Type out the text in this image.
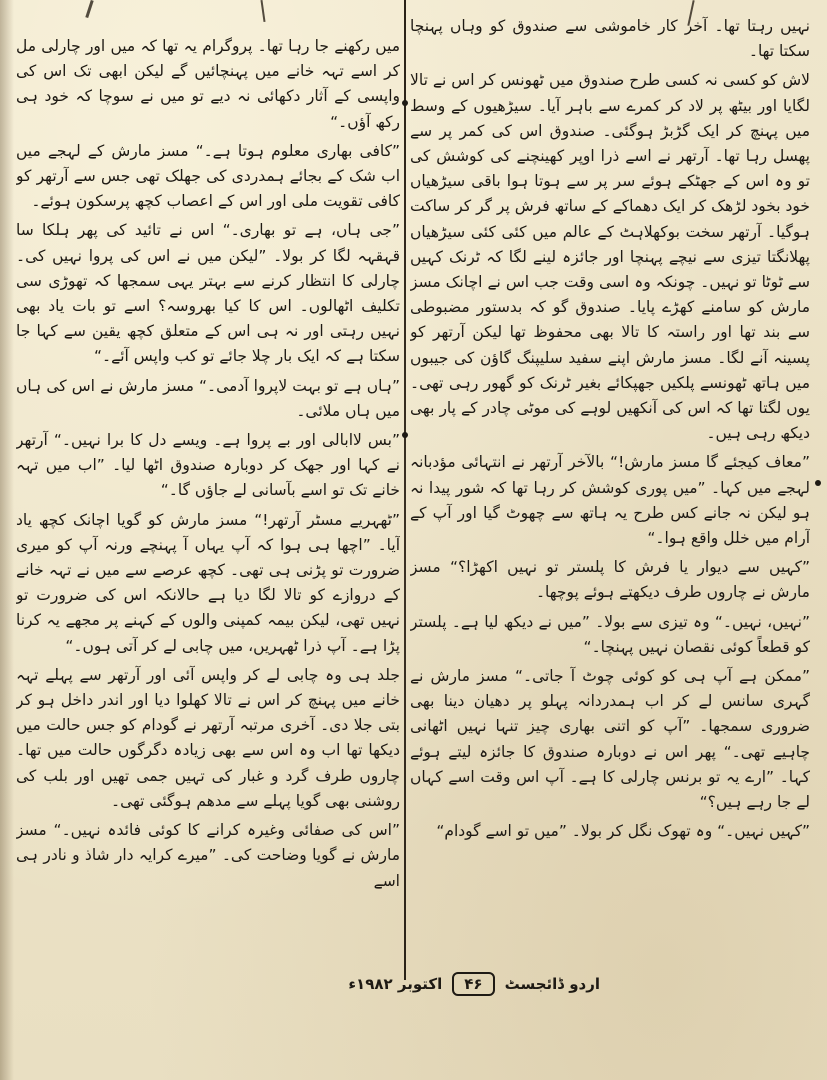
نہیں رہتا تھا۔ آخر کار خاموشی سے صندوق کو وہاں پہنچا سکتا تھا۔

لاش کو کسی نہ کسی طرح صندوق میں ٹھونس کر اس نے تالا لگایا اور بیٹھ پر لاد کر کمرے سے باہر آیا۔ سیڑھیوں کے وسط میں پہنچ کر ایک گڑبڑ ہوگئی۔ صندوق اس کی کمر پر سے پھسل رہا تھا۔ آرتھر نے اسے ذرا اوپر کھینچنے کی کوشش کی تو وہ اس کے جھٹکے ہوئے سر پر سے ہوتا ہوا باقی سیڑھیاں خود بخود لڑھک کر ایک دھماکے کے ساتھ فرش پر گر کر ساکت ہوگیا۔ آرتھر سخت بوکھلاہٹ کے عالم میں کئی کئی سیڑھیاں پھلانگتا تیزی سے نیچے پہنچا اور جائزہ لینے لگا کہ ٹرنک کہیں سے ٹوٹا تو نہیں۔ چونکہ وہ اسی وقت جب اس نے اچانک مسز مارش کو سامنے کھڑے پایا۔ صندوق گو کہ بدستور مضبوطی سے بند تھا اور راستہ کا تالا بھی محفوظ تھا لیکن آرتھر کو پسینہ آنے لگا۔ مسز مارش اپنے سفید سلیپنگ گاؤن کی جیبوں میں ہاتھ ٹھونسے پلکیں جھپکائے بغیر ٹرنک کو گھور رہی تھی۔ یوں لگتا تھا کہ اس کی آنکھیں لوہے کی موٹی چادر کے پار بھی دیکھ رہی ہیں۔

”معاف کیجئے گا مسز مارش!“ بالآخر آرتھر نے انتہائی مؤدبانہ لہجے میں کہا۔ ”میں پوری کوشش کر رہا تھا کہ شور پیدا نہ ہو لیکن نہ جانے کس طرح یہ ہاتھ سے چھوٹ گیا اور آپ کے آرام میں خلل واقع ہوا۔“

”کہیں سے دیوار یا فرش کا پلستر تو نہیں اکھڑا؟“ مسز مارش نے چاروں طرف دیکھتے ہوئے پوچھا۔

”نہیں، نہیں۔“ وہ تیزی سے بولا۔ ”میں نے دیکھ لیا ہے۔ پلستر کو قطعاً کوئی نقصان نہیں پہنچا۔“

”ممکن ہے آپ ہی کو کوئی چوٹ آ جاتی۔“ مسز مارش نے گہری سانس لے کر اب ہمدردانہ پہلو پر دھیان دینا بھی ضروری سمجھا۔ ”آپ کو اتنی بھاری چیز تنہا نہیں اٹھانی چاہیے تھی۔“ پھر اس نے دوبارہ صندوق کا جائزہ لیتے ہوئے کہا۔ ”ارے یہ تو برنس چارلی کا ہے۔ آپ اس وقت اسے کہاں لے جا رہے ہیں؟“

”کہیں نہیں۔“ وہ تھوک نگل کر بولا۔ ”میں تو اسے گودام“

میں رکھنے جا رہا تھا۔ پروگرام یہ تھا کہ میں اور چارلی مل کر اسے تہہ خانے میں پہنچائیں گے لیکن ابھی تک اس کی واپسی کے آثار دکھائی نہ دیے تو میں نے سوچا کہ خود ہی رکھ آؤں۔“

”کافی بھاری معلوم ہوتا ہے۔“ مسز مارش کے لہجے میں اب شک کے بجائے ہمدردی کی جھلک تھی جس سے آرتھر کو کافی تقویت ملی اور اس کے اعصاب کچھ پرسکون ہوئے۔

”جی ہاں، ہے تو بھاری۔“ اس نے تائید کی پھر ہلکا سا قہقہہ لگا کر بولا۔ ”لیکن میں نے اس کی پروا نہیں کی۔ چارلی کا انتظار کرنے سے بہتر یہی سمجھا کہ تھوڑی سی تکلیف اٹھالوں۔ اس کا کیا بھروسہ؟ اسے تو بات یاد بھی نہیں رہتی اور نہ ہی اس کے متعلق کچھ یقین سے کہا جا سکتا ہے کہ ایک بار چلا جائے تو کب واپس آئے۔“

”ہاں ہے تو بہت لاپروا آدمی۔“ مسز مارش نے اس کی ہاں میں ہاں ملائی۔

”بس لاابالی اور بے پروا ہے۔ ویسے دل کا برا نہیں۔“ آرتھر نے کہا اور جھک کر دوبارہ صندوق اٹھا لیا۔ ”اب میں تہہ خانے تک تو اسے بآسانی لے جاؤں گا۔“

”ٹھہریے مسٹر آرتھر!“ مسز مارش کو گویا اچانک کچھ یاد آیا۔ ”اچھا ہی ہوا کہ آپ یہاں آ پہنچے ورنہ آپ کو میری ضرورت تو پڑنی ہی تھی۔ کچھ عرصے سے میں نے تہہ خانے کے دروازے کو تالا لگا دیا ہے حالانکہ اس کی ضرورت تو نہیں تھی، لیکن بیمہ کمپنی والوں کے کہنے پر مجھے یہ کرنا پڑا ہے۔ آپ ذرا ٹھہریں، میں چابی لے کر آتی ہوں۔“

جلد ہی وہ چابی لے کر واپس آئی اور آرتھر سے پہلے تہہ خانے میں پہنچ کر اس نے تالا کھلوا دیا اور اندر داخل ہو کر بتی جلا دی۔ آخری مرتبہ آرتھر نے گودام کو جس حالت میں دیکھا تھا اب وہ اس سے بھی زیادہ دگرگوں حالت میں تھا۔ چاروں طرف گرد و غبار کی تہیں جمی تھیں اور بلب کی روشنی بھی گویا پہلے سے مدھم ہوگئی تھی۔

”اس کی صفائی وغیرہ کرانے کا کوئی فائدہ نہیں۔“ مسز مارش نے گویا وضاحت کی۔ ”میرے کرایہ دار شاذ و نادر ہی اسے

اردو ڈائجسٹ
۴۶
اکتوبر ۱۹۸۲ء
